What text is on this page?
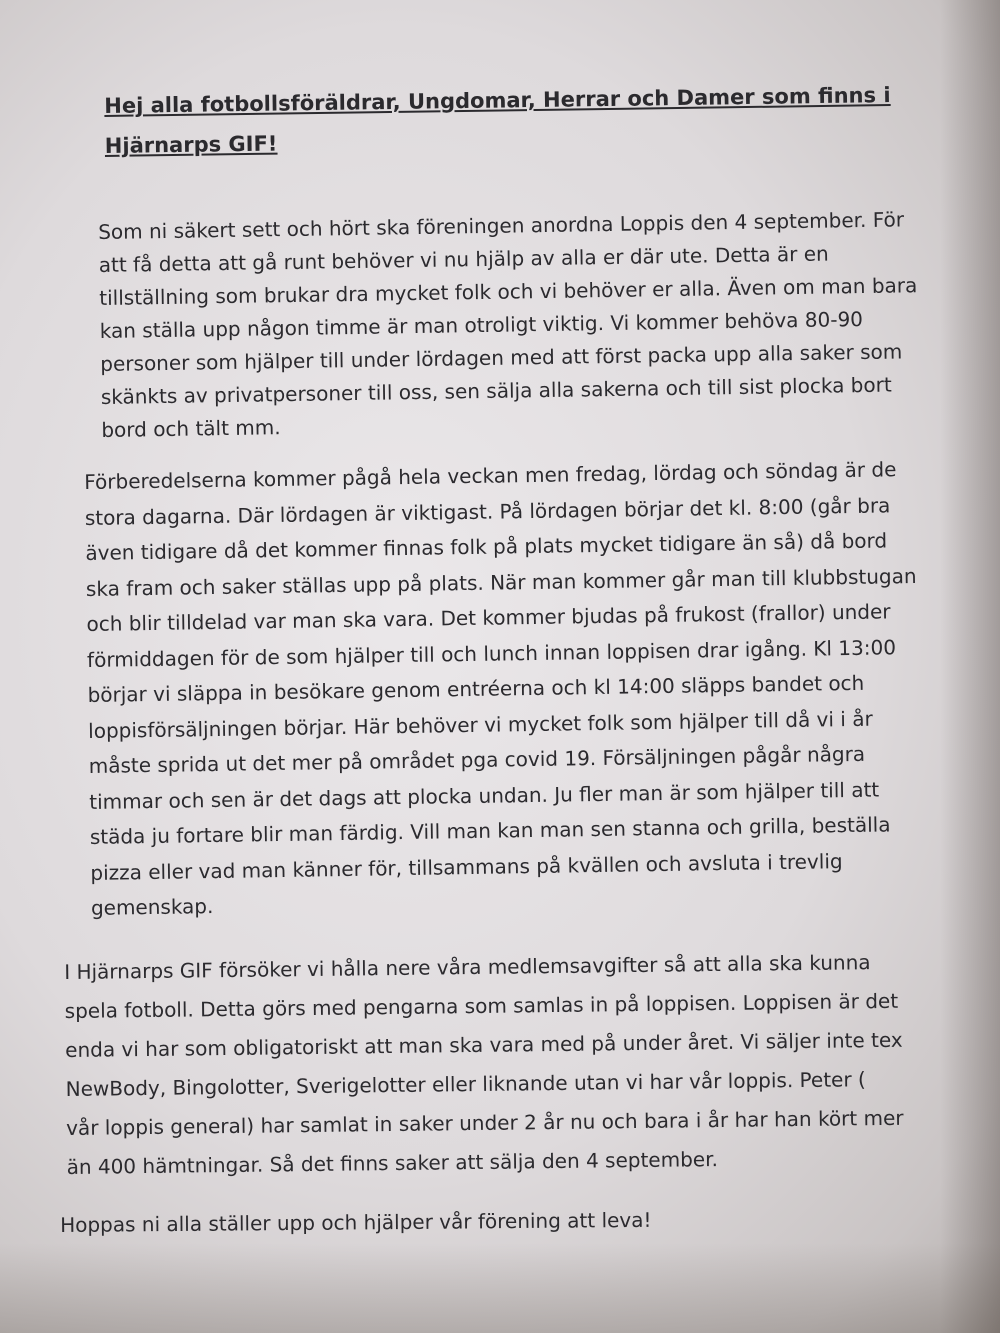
Hej alla fotbollsföräldrar, Ungdomar, Herrar och Damer som finns i
Hjärnarps GIF!

Som ni säkert sett och hört ska föreningen anordna Loppis den 4 september. För
att få detta att gå runt behöver vi nu hjälp av alla er där ute. Detta är en
tillställning som brukar dra mycket folk och vi behöver er alla. Även om man bara
kan ställa upp någon timme är man otroligt viktig. Vi kommer behöva 80-90
personer som hjälper till under lördagen med att först packa upp alla saker som
skänkts av privatpersoner till oss, sen sälja alla sakerna och till sist plocka bort
bord och tält mm.

Förberedelserna kommer pågå hela veckan men fredag, lördag och söndag är de
stora dagarna. Där lördagen är viktigast. På lördagen börjar det kl. 8:00 (går bra
även tidigare då det kommer finnas folk på plats mycket tidigare än så) då bord
ska fram och saker ställas upp på plats. När man kommer går man till klubbstugan
och blir tilldelad var man ska vara. Det kommer bjudas på frukost (frallor) under
förmiddagen för de som hjälper till och lunch innan loppisen drar igång. Kl 13:00
börjar vi släppa in besökare genom entréerna och kl 14:00 släpps bandet och
loppisförsäljningen börjar. Här behöver vi mycket folk som hjälper till då vi i år
måste sprida ut det mer på området pga covid 19. Försäljningen pågår några
timmar och sen är det dags att plocka undan. Ju fler man är som hjälper till att
städa ju fortare blir man färdig. Vill man kan man sen stanna och grilla, beställa
pizza eller vad man känner för, tillsammans på kvällen och avsluta i trevlig
gemenskap.

I Hjärnarps GIF försöker vi hålla nere våra medlemsavgifter så att alla ska kunna
spela fotboll. Detta görs med pengarna som samlas in på loppisen. Loppisen är det
enda vi har som obligatoriskt att man ska vara med på under året. Vi säljer inte tex
NewBody, Bingolotter, Sverigelotter eller liknande utan vi har vår loppis. Peter (
vår loppis general) har samlat in saker under 2 år nu och bara i år har han kört mer
än 400 hämtningar. Så det finns saker att sälja den 4 september.

Hoppas ni alla ställer upp och hjälper vår förening att leva!
